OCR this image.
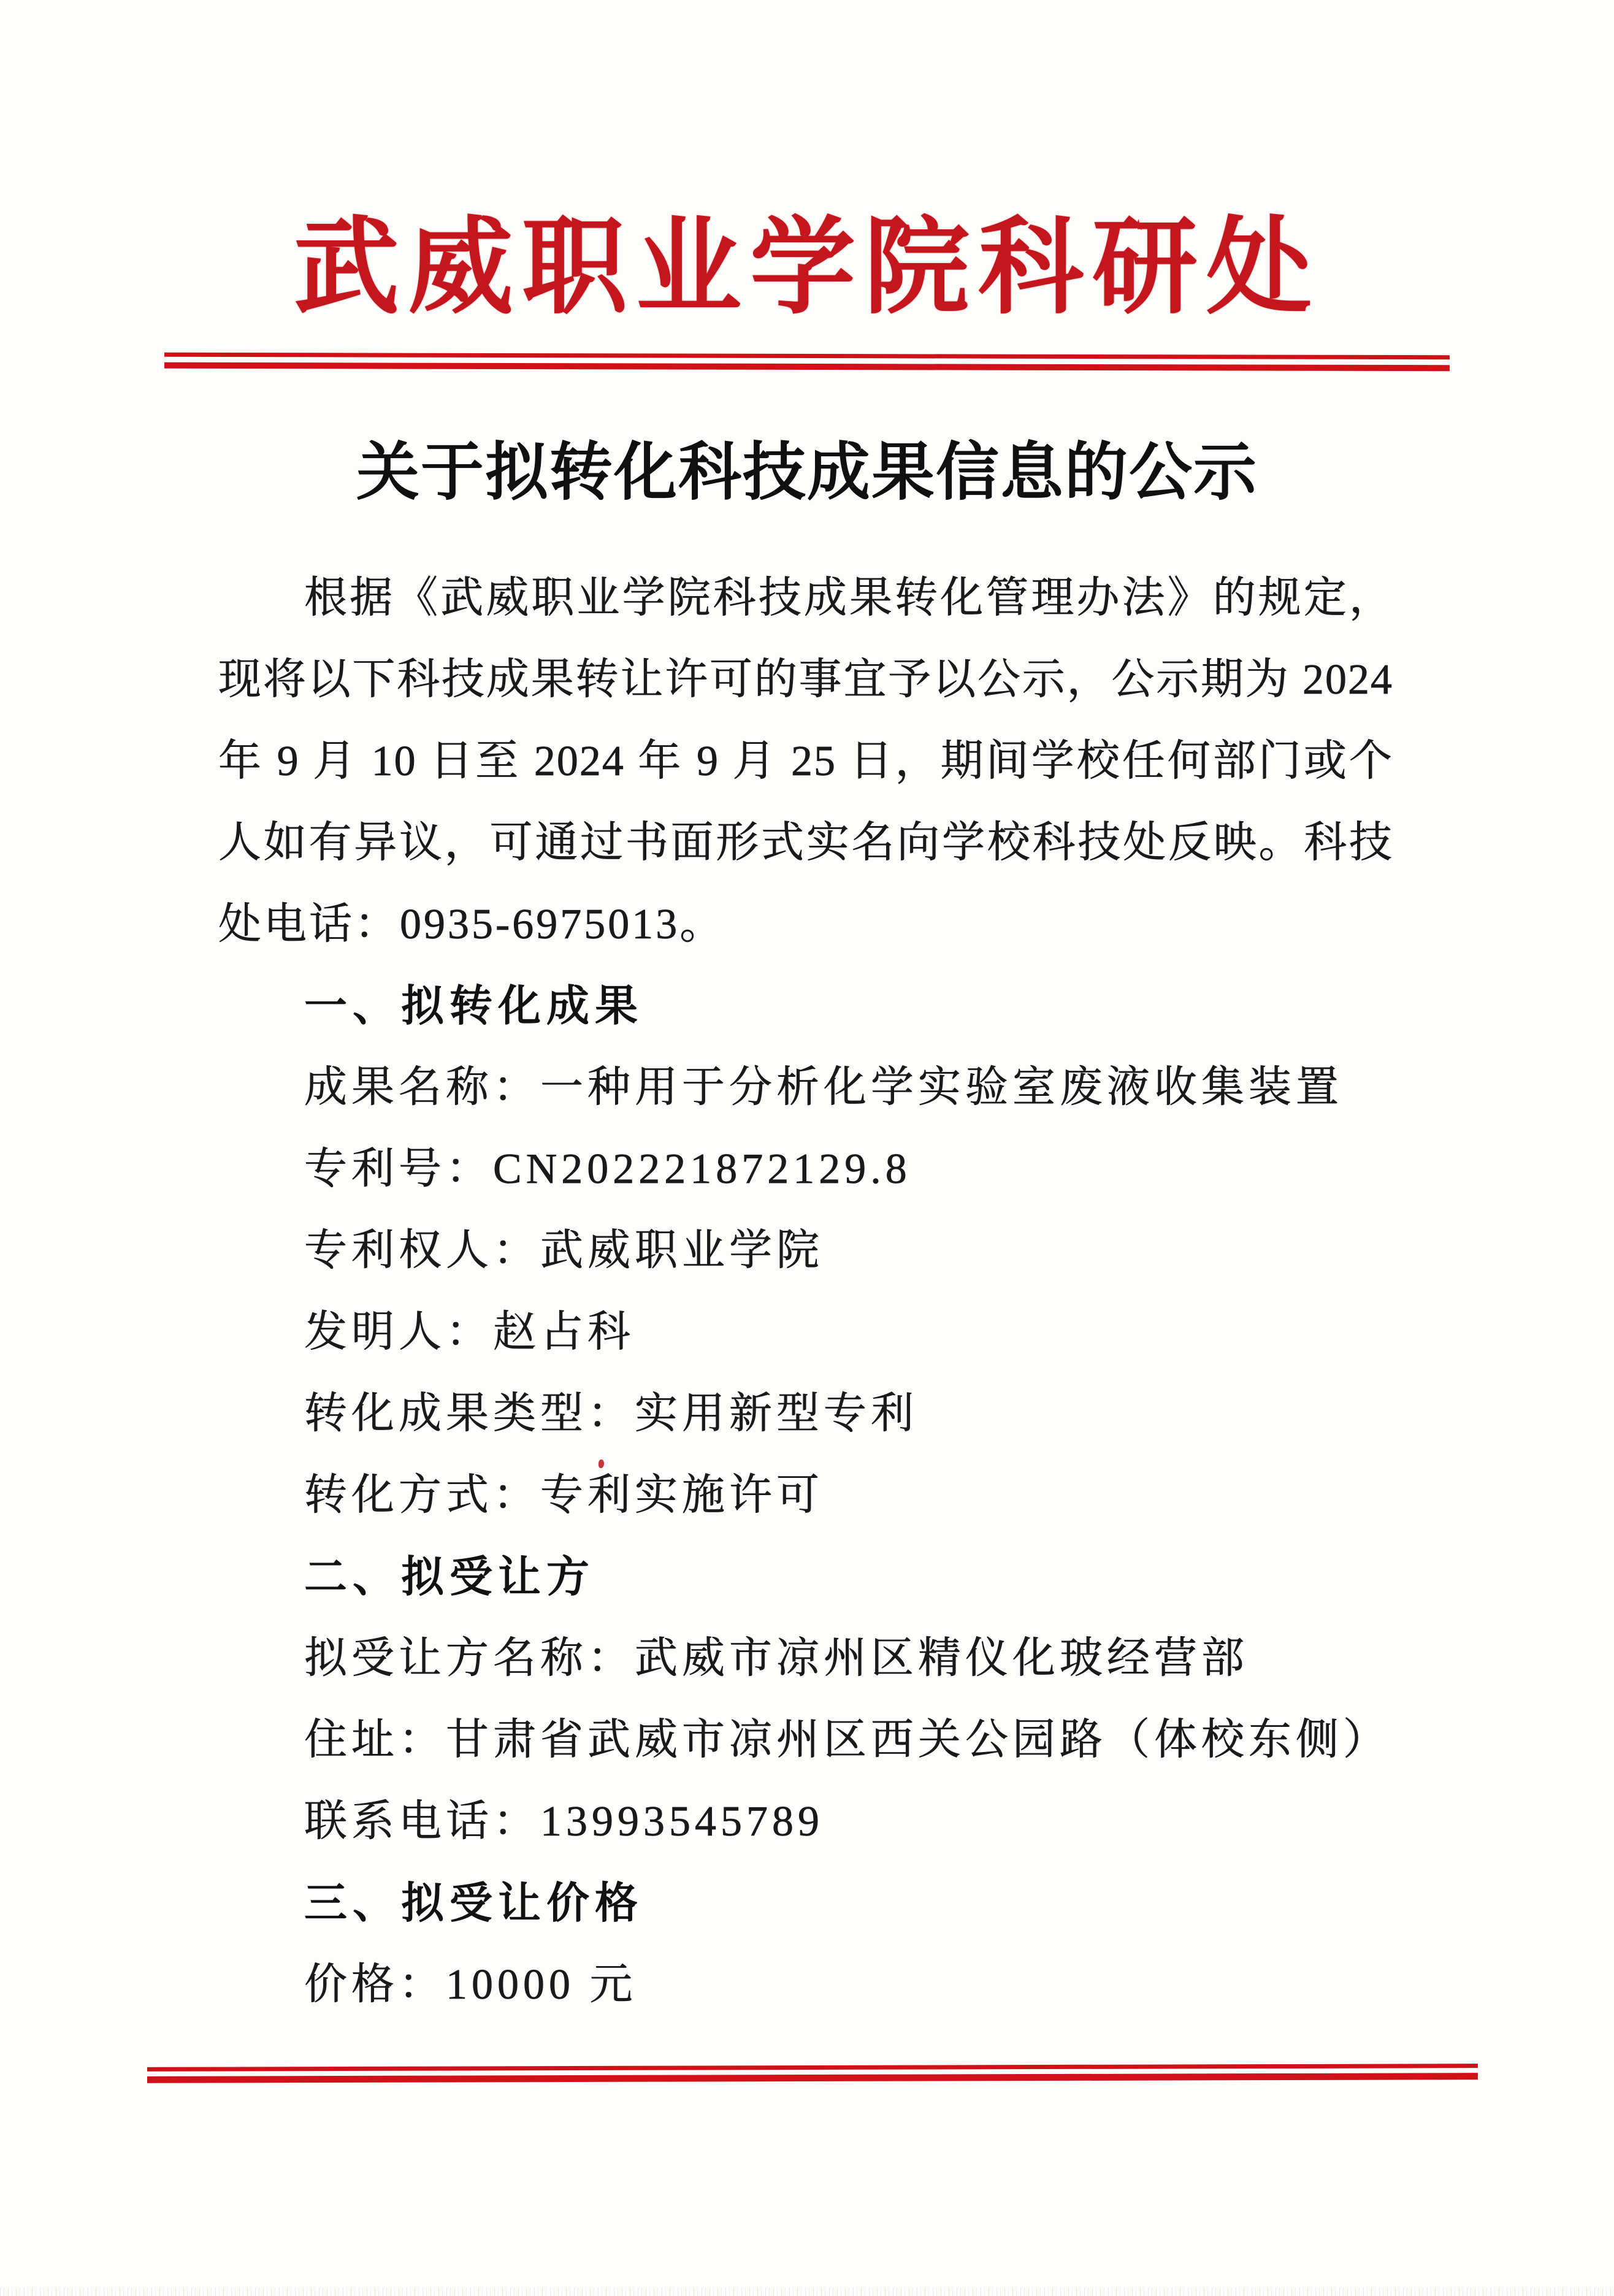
武威职业学院科研处
关于拟转化科技成果信息的公示
根据《武威职业学院科技成果转化管理办法》的规定，
现将以下科技成果转让许可的事宜予以公示，公示期为 2024
年 9 月 10 日至 2024 年 9 月 25 日，期间学校任何部门或个
人如有异议，可通过书面形式实名向学校科技处反映。科技
处电话：0935-6975013。
一、拟转化成果
成果名称：一种用于分析化学实验室废液收集装置
专利号：CN202221872129.8
专利权人：武威职业学院
发明人：赵占科
转化成果类型：实用新型专利
转化方式：专利实施许可
二、拟受让方
拟受让方名称：武威市凉州区精仪化玻经营部
住址：甘肃省武威市凉州区西关公园路（体校东侧）
联系电话：13993545789
三、拟受让价格
价格：10000 元
